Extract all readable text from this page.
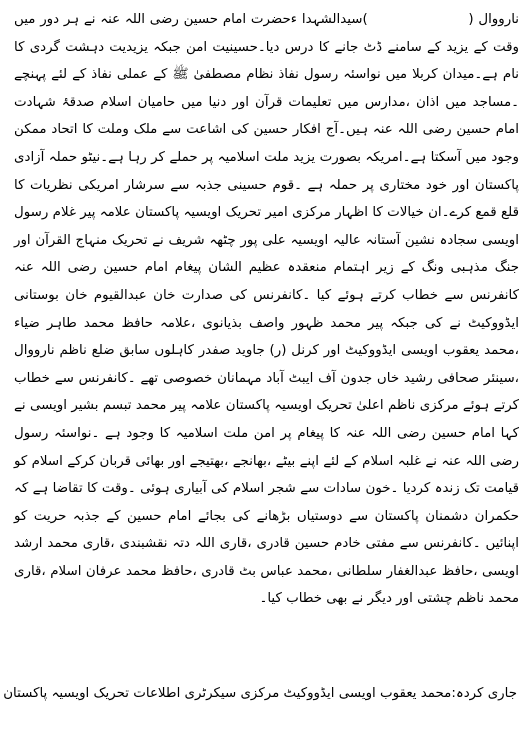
نارووال (                     )سیدالشہدا ءحضرت امام حسین رضی اللہ عنہ نے ہر دور میں وقت کے یزید کے سامنے ڈٹ جانے کا درس دیا۔حسینیت امن جبکہ یزیدیت دہشت گردی کا نام ہے۔میدان کربلا میں نواسئہ رسول نفاذ نظام مصطفیٰ ﷺ کے عملی نفاذ کے لئے پہنچے ۔مساجد میں اذان ،مدارس میں تعلیمات قرآن اور دنیا میں حامیان اسلام صدقۂ شہادت امام حسین رضی اللہ عنہ ہیں۔آج افکار حسین کی اشاعت سے ملک وملت کا اتحاد ممکن وجود میں آسکتا ہے۔امریکہ بصورت یزید ملت اسلامیہ پر حملے کر رہا ہے۔نیٹو حملہ آزادی پاکستان اور خود مختاری پر حملہ ہے ۔قوم حسینی جذبہ سے سرشار امریکی نظریات کا قلع قمع کرے۔ان خیالات کا اظہار مرکزی امیر تحریک اویسیہ پاکستان علامہ پیر غلام رسول اویسی سجادہ نشین آستانہ عالیہ اویسیہ علی پور چٹھہ شریف نے تحریک منہاج القرآن اور جنگ مذہبی ونگ کے زیر اہتمام منعقدہ عظیم الشان پیغام امام حسین رضی اللہ عنہ کانفرنس سے خطاب کرتے ہوئے کیا ۔کانفرنس کی صدارت خان عبدالقیوم خان بوستانی ایڈووکیٹ نے کی جبکہ پیر محمد ظہور واصف بذیانوی ،علامہ حافظ محمد طاہر ضیاء ،محمد یعقوب اویسی ایڈووکیٹ اور کرنل (ر) جاوید صفدر کاہلوں سابق ضلع ناظم نارووال ،سینئر صحافی رشید خاں جدون آف ایبٹ آباد مہمانان خصوصی تھے ۔کانفرنس سے خطاب کرتے ہوئے مرکزی ناظم اعلیٰ تحریک اویسیہ پاکستان علامہ پیر محمد تبسم بشیر اویسی نے کہا امام حسین رضی اللہ عنہ کا پیغام پر امن ملت اسلامیہ کا وجود ہے ۔نواسئہ رسول رضی اللہ عنہ نے غلبہ اسلام کے لئے اپنے بیٹے ،بھانجے ،بھتیجے اور بھائی قربان کرکے اسلام کو قیامت تک زندہ کردیا ۔خون سادات سے شجر اسلام کی آبیاری ہوئی ۔وقت کا تقاضا ہے کہ حکمران دشمنان پاکستان سے دوستیاں بڑھانے کی بجائے امام حسین کے جذبہ حریت کو اپنائیں ۔کانفرنس سے مفتی خادم حسین قادری ،قاری اللہ دتہ نقشبندی ،قاری محمد ارشد اویسی ،حافظ عبدالغفار سلطانی ،محمد عباس بٹ قادری ،حافظ محمد عرفان اسلام ،قاری محمد ناظم چشتی اور دیگر نے بھی خطاب کیا۔

جاری کردہ:محمد یعقوب اویسی ایڈووکیٹ مرکزی سیکرٹری اطلاعات تحریک اویسیہ پاکستان
